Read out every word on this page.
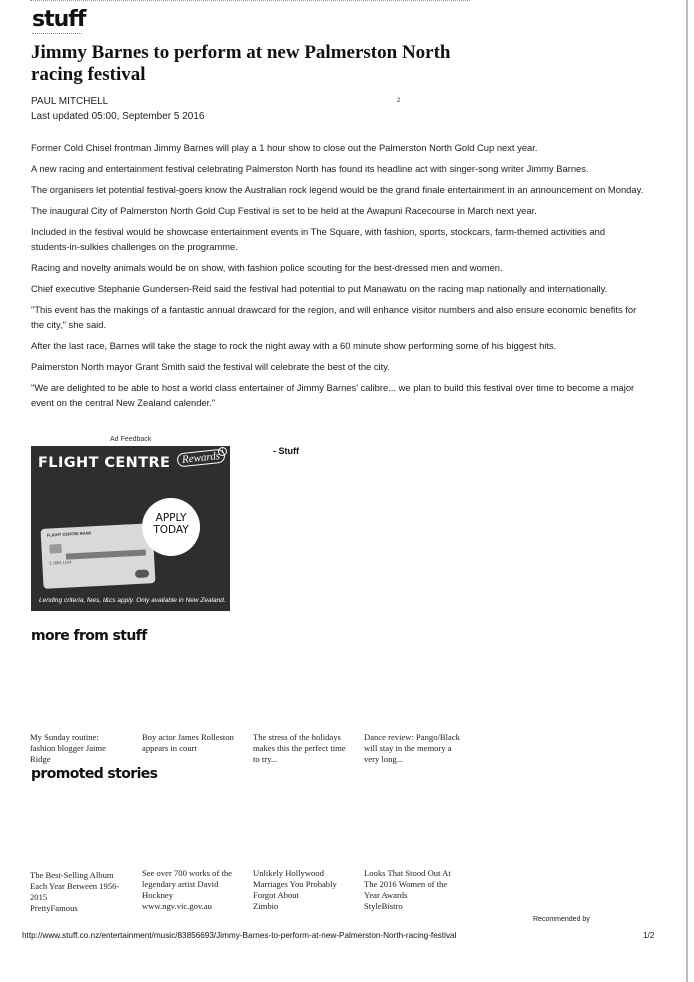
stuff
Jimmy Barnes to perform at new Palmerston North racing festival
PAUL MITCHELL
Last updated 05:00, September 5 2016
2

Former Cold Chisel frontman Jimmy Barnes will play a 1 hour show to close out the Palmerston North Gold Cup next year.

A new racing and entertainment festival celebrating Palmerston North has found its headline act with singer-song writer Jimmy Barnes.

The organisers let potential festival-goers know the Australian rock legend would be the grand finale entertainment in an announcement on Monday.

The inaugural City of Palmerston North Gold Cup Festival is set to be held at the Awapuni Racecourse in March next year.

Included in the festival would be showcase entertainment events in The Square, with fashion, sports, stockcars, farm-themed activities and students-in-sulkies challenges on the programme.

Racing and novelty animals would be on show, with fashion police scouting for the best-dressed men and women.

Chief executive Stephanie Gundersen-Reid said the festival had potential to put Manawatu on the racing map nationally and internationally.

"This event has the makings of a fantastic annual drawcard for the region, and will enhance visitor numbers and also ensure economic benefits for the city," she said.

After the last race, Barnes will take the stage to rock the night away with a 60 minute show performing some of his biggest hits.

Palmerston North mayor Grant Smith said the festival will celebrate the best of the city.

"We are delighted to be able to host a world class entertainer of Jimmy Barnes' calibre... we plan to build this festival over time to become a major event on the central New Zealand calender."

Ad Feedback
i
FLIGHT CENTRE	Rewards
FLIGHT CENTRE BANK
5 1654 1234
APPLY
TODAY
Lending criteria, fees, t&cs apply. Only available in New Zealand.
- Stuff
more from stuff
My Sunday routine: fashion blogger Jaime Ridge
Boy actor James Rolleston appears in court
The stress of the holidays makes this the perfect time to try...
Dance review: Pango/Black will stay in the memory a very long...
promoted stories
The Best-Selling Album Each Year Between 1956-2015
PrettyFamous
See over 700 works of the legendary artist David Hockney
www.ngv.vic.gov.au
Unlikely Hollywood Marriages You Probably Forgot About
Zimbio
Looks That Stood Out At The 2016 Women of the Year Awards
StyleBistro
Recommended by
http://www.stuff.co.nz/entertainment/music/83856693/Jimmy-Barnes-to-perform-at-new-Palmerston-North-racing-festival	1/2
